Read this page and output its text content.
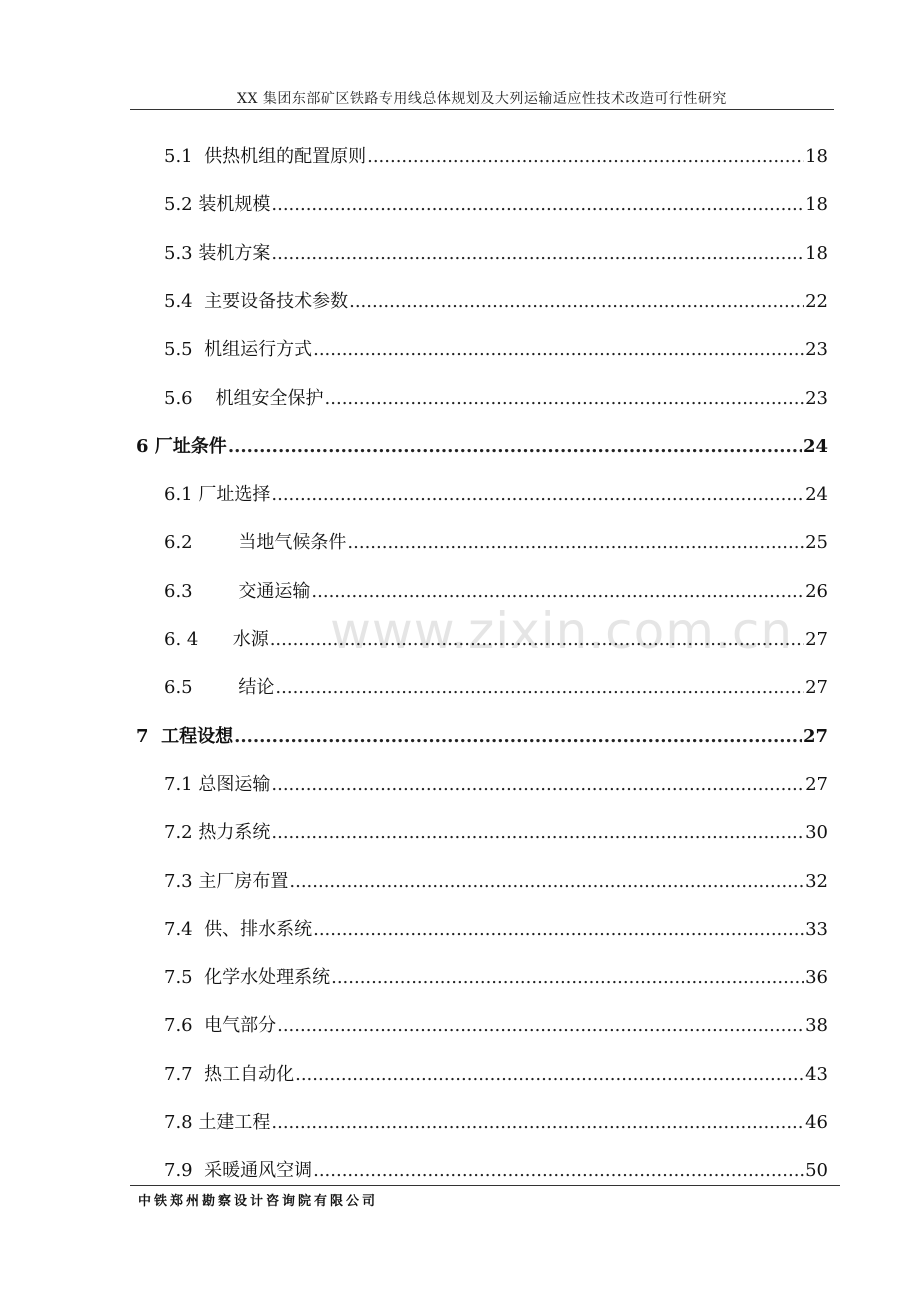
XX 集团东部矿区铁路专用线总体规划及大列运输适应性技术改造可行性研究
www.zixin.com.cn
5.1 供热机组的配置原则 .....	18
5.2 装机规模 .....	18
5.3 装机方案 .....	18
5.4 主要设备技术参数 .....	22
5.5 机组运行方式 .....	23
5.6 机组安全保护 .....	23
6 厂址条件 .....	24
6.1 厂址选择 .....	24
6.2 当地气候条件 .....	25
6.3 交通运输 .....	26
6. 4 水源 .....	27
6.5 结论 .....	27
7 工程设想 .....	27
7.1 总图运输 .....	27
7.2 热力系统 .....	30
7.3 主厂房布置 .....	32
7.4 供、排水系统 .....	33
7.5 化学水处理系统 .....	36
7.6 电气部分 .....	38
7.7 热工自动化 .....	43
7.8 土建工程 .....	46
7.9 采暖通风空调 .....	50
中铁郑州勘察设计咨询院有限公司
